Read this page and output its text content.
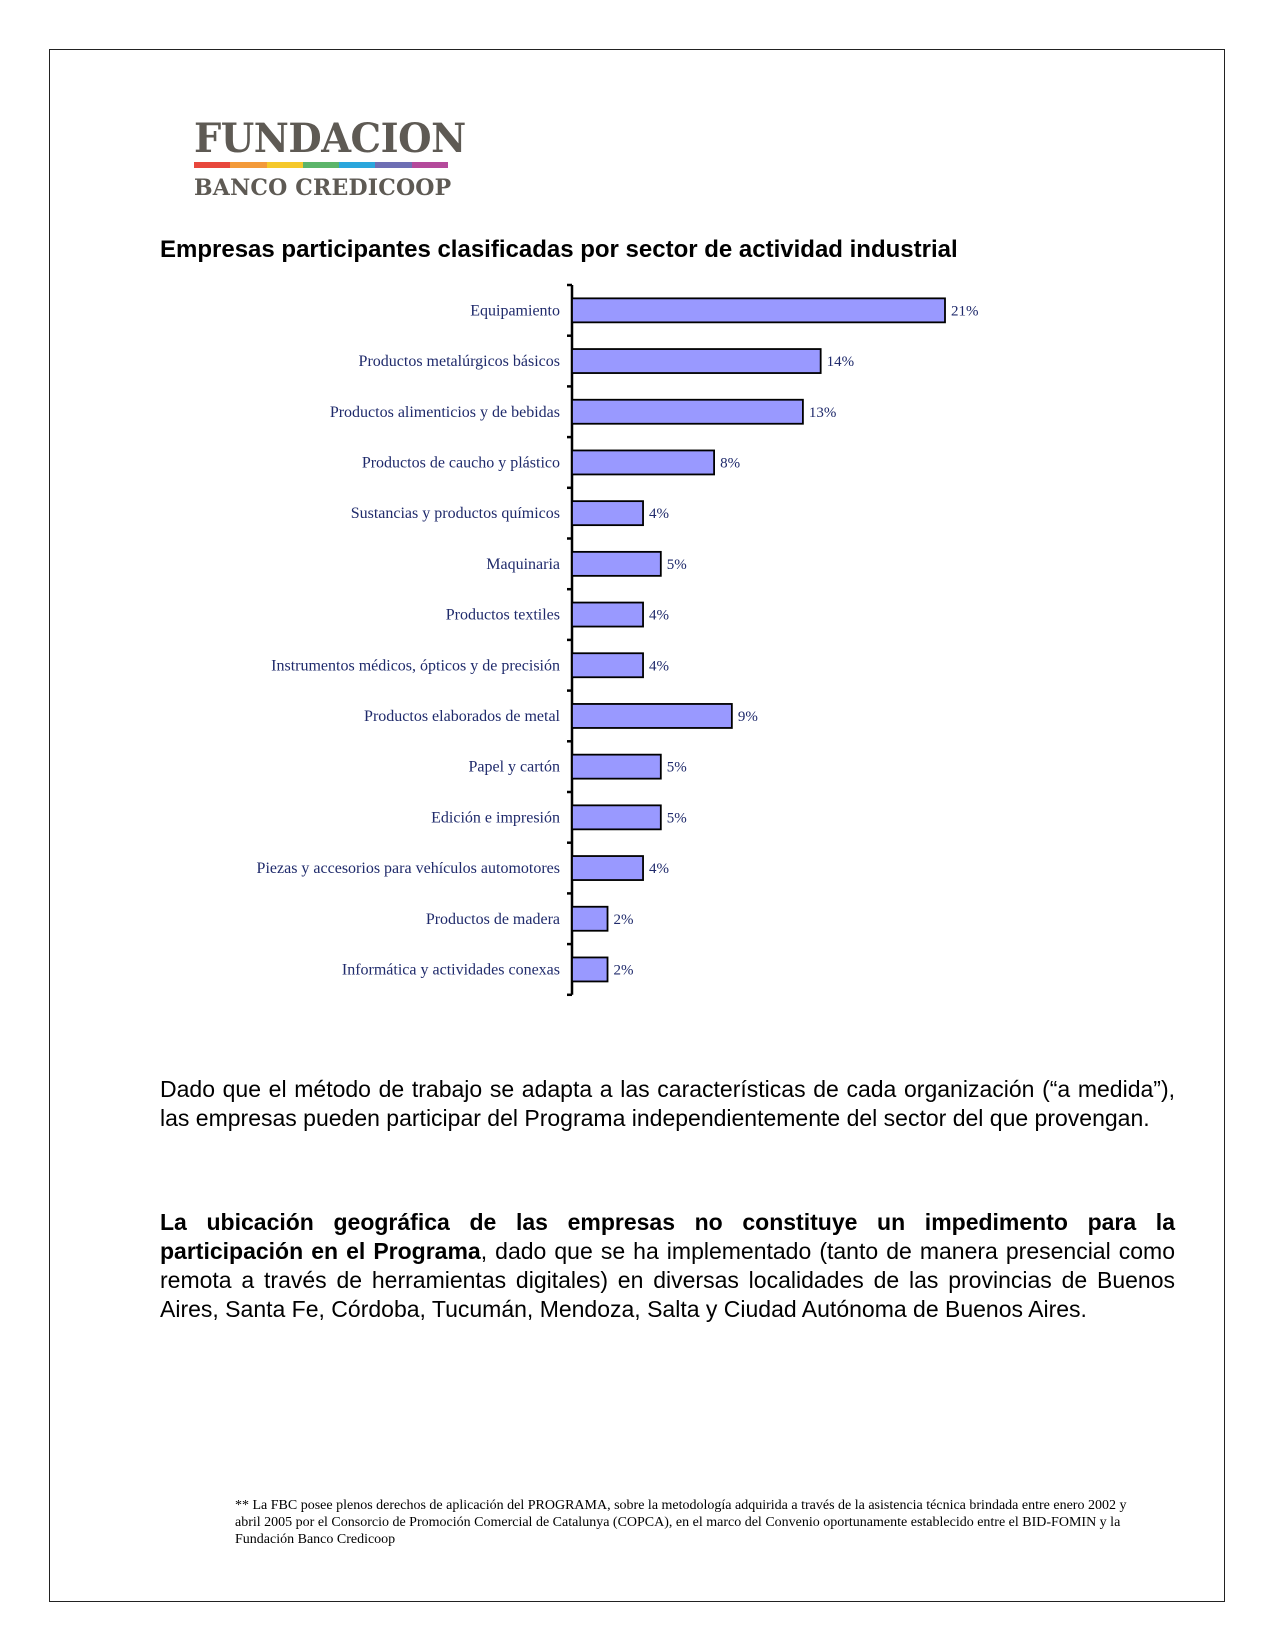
FUNDACION
BANCO CREDICOOP
Empresas participantes clasificadas por sector de actividad industrial
Equipamiento	21%
Productos metalúrgicos básicos	14%
Productos alimenticios y de bebidas	13%
Productos de caucho y plástico	8%
Sustancias y productos químicos	4%
Maquinaria	5%
Productos textiles	4%
Instrumentos médicos, ópticos y de precisión	4%
Productos elaborados de metal	9%
Papel y cartón	5%
Edición e impresión	5%
Piezas y accesorios para vehículos automotores	4%
Productos de madera	2%
Informática y actividades conexas	2%

Dado que el método de trabajo se adapta a las características de cada organización (“a medida”), las empresas pueden participar del Programa independientemente del sector del que provengan.

La ubicación geográfica de las empresas no constituye un impedimento para la participación en el Programa, dado que se ha implementado (tanto de manera presencial como remota a través de herramientas digitales) en diversas localidades de las provincias de Buenos Aires, Santa Fe, Córdoba, Tucumán, Mendoza, Salta y Ciudad Autónoma de Buenos Aires.

** La FBC posee plenos derechos de aplicación del PROGRAMA, sobre la metodología adquirida a través de la asistencia técnica brindada entre enero 2002 y abril 2005 por el Consorcio de Promoción Comercial de Catalunya (COPCA), en el marco del Convenio oportunamente establecido entre el BID-FOMIN y la Fundación Banco Credicoop
